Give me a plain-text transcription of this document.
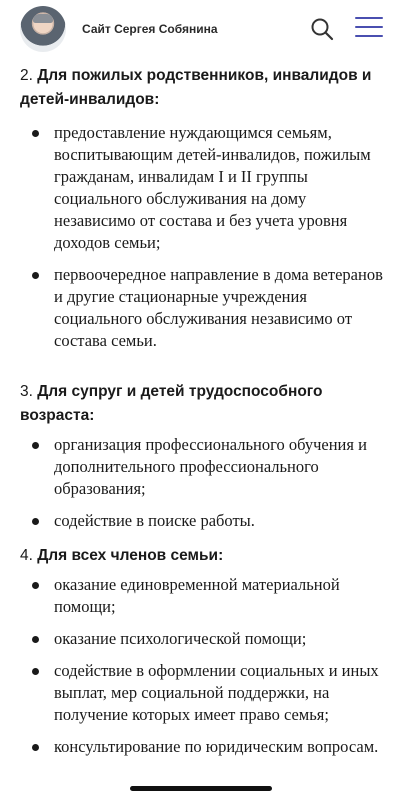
Сайт Сергея Собянина
2. Для пожилых родственников, инвалидов и детей-инвалидов:
предоставление нуждающимся семьям, воспитывающим детей-инвалидов, пожилым гражданам, инвалидам I и II группы социального обслуживания на дому независимо от состава и без учета уровня доходов семьи;
первоочередное направление в дома ветеранов и другие стационарные учреждения социального обслуживания независимо от состава семьи.
3. Для супруг и детей трудоспособного возраста:
организация профессионального обучения и дополнительного профессионального образования;
содействие в поиске работы.
4. Для всех членов семьи:
оказание единовременной материальной помощи;
оказание психологической помощи;
содействие в оформлении социальных и иных выплат, мер социальной поддержки, на получение которых имеет право семья;
консультирование по юридическим вопросам.
